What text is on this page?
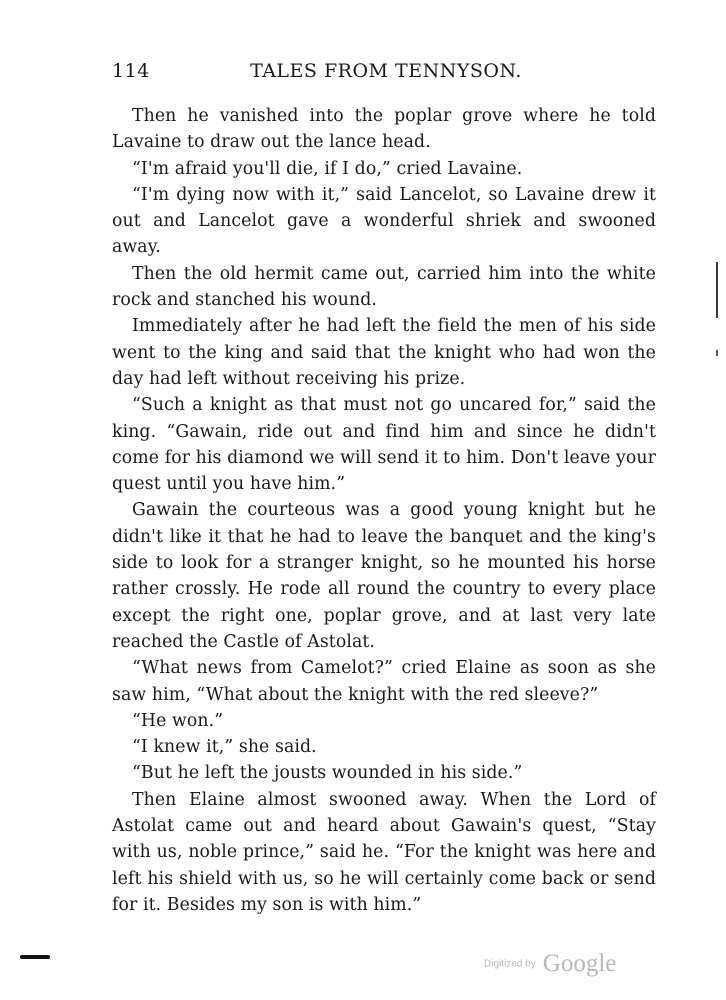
114	TALES FROM TENNYSON.

Then he vanished into the poplar grove where he told Lavaine to draw out the lance head.

“I'm afraid you'll die, if I do,” cried Lavaine.

“I'm dying now with it,” said Lancelot, so Lavaine drew it out and Lancelot gave a wonderful shriek and swooned away.

Then the old hermit came out, carried him into the white rock and stanched his wound.

Immediately after he had left the field the men of his side went to the king and said that the knight who had won the day had left without receiving his prize.

“Such a knight as that must not go uncared for,” said the king. “Gawain, ride out and find him and since he didn't come for his diamond we will send it to him. Don't leave your quest until you have him.”

Gawain the courteous was a good young knight but he didn't like it that he had to leave the banquet and the king's side to look for a stranger knight, so he mounted his horse rather crossly. He rode all round the country to every place except the right one, poplar grove, and at last very late reached the Castle of Astolat.

“What news from Camelot?” cried Elaine as soon as she saw him, “What about the knight with the red sleeve?”

“He won.”

“I knew it,” she said.

“But he left the jousts wounded in his side.”

Then Elaine almost swooned away. When the Lord of Astolat came out and heard about Gawain's quest, “Stay with us, noble prince,” said he. “For the knight was here and left his shield with us, so he will certainly come back or send for it. Besides my son is with him.”

Digitized by Google
